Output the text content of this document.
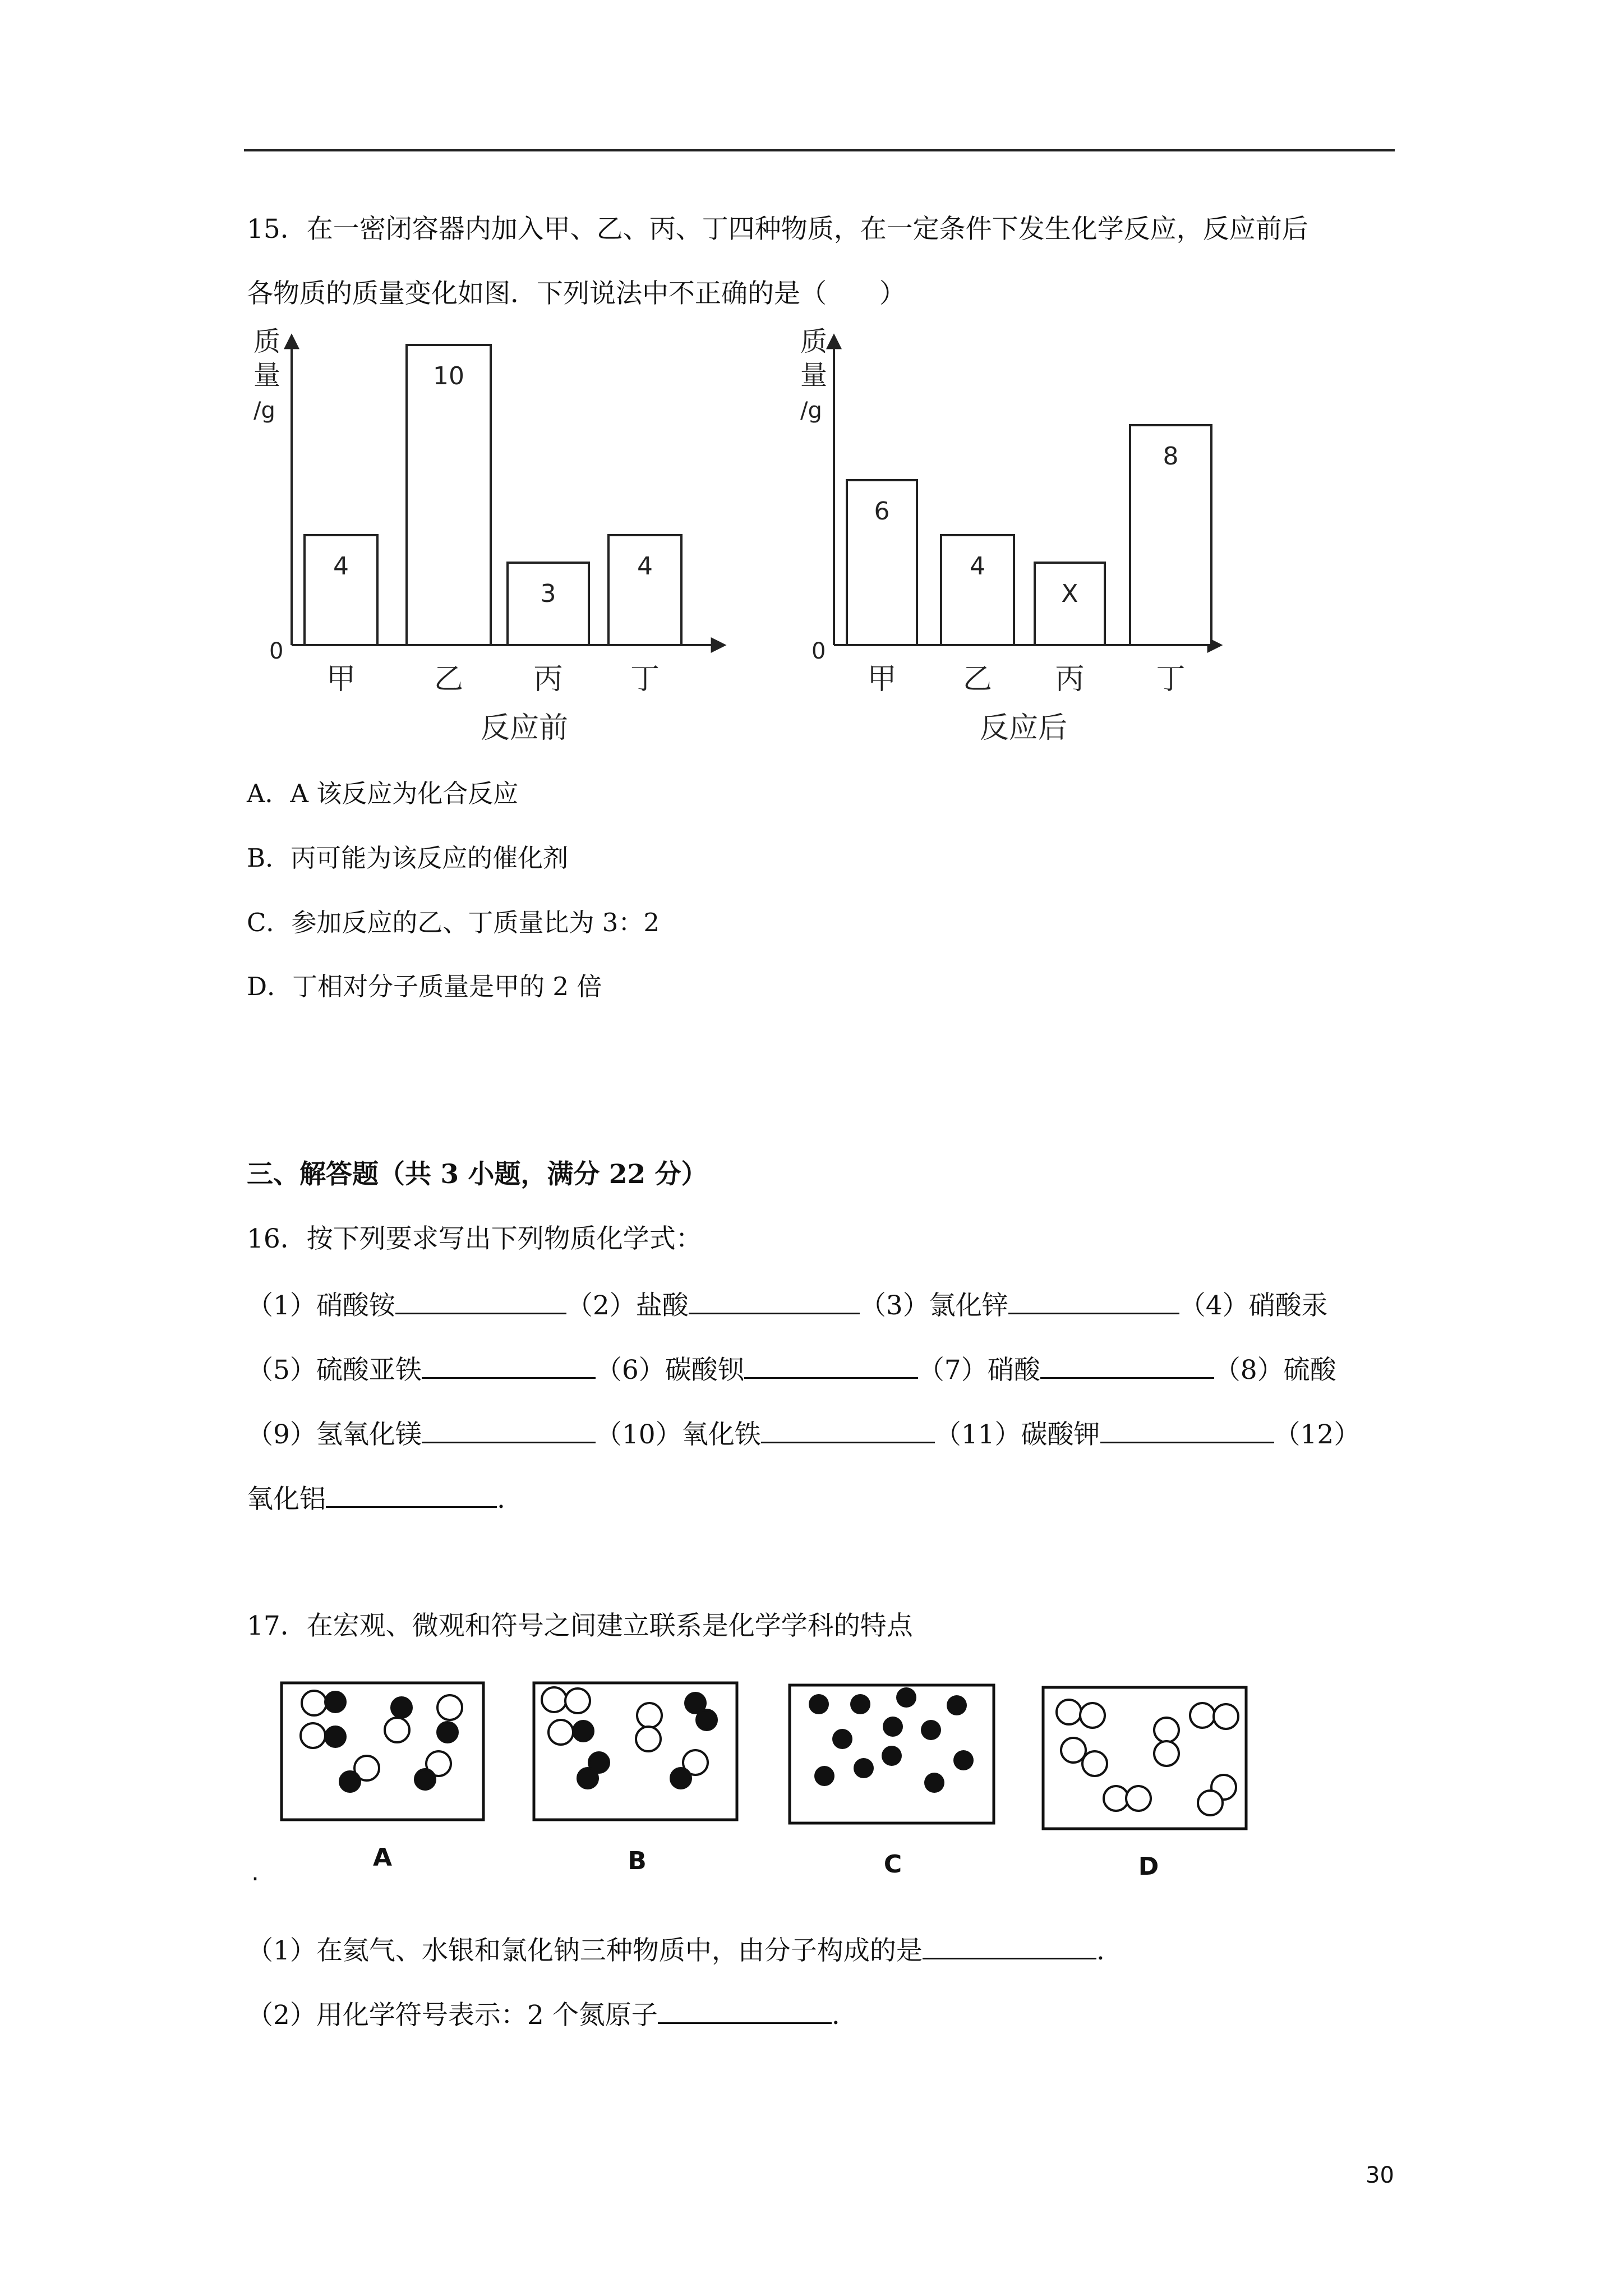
15．在一密闭容器内加入甲、乙、丙、丁四种物质，在一定条件下发生化学反应，反应前后
各物质的质量变化如图．下列说法中不正确的是（　　）
质
量
/g
0
4
甲
10
乙
3
丙
4
丁
反应前
质
量
/g
0
6
甲
4
乙
X
丙
8
丁
反应后
A．A 该反应为化合反应
B．丙可能为该反应的催化剂
C．参加反应的乙、丁质量比为 3：2
D．丁相对分子质量是甲的 2 倍
三、解答题（共 3 小题，满分 22 分）
16．按下列要求写出下列物质化学式：
（1）硝酸铵	（2）盐酸	（3）氯化锌	（4）硝酸汞
（5）硫酸亚铁	（6）碳酸钡	（7）硝酸	（8）硫酸
（9）氢氧化镁	（10）氧化铁	（11）碳酸钾	（12）
氧化铝	.
17．在宏观、微观和符号之间建立联系是化学学科的特点
A	B	C	D
.
（1）在氦气、水银和氯化钠三种物质中，由分子构成的是	.
（2）用化学符号表示：2 个氮原子	.
30
